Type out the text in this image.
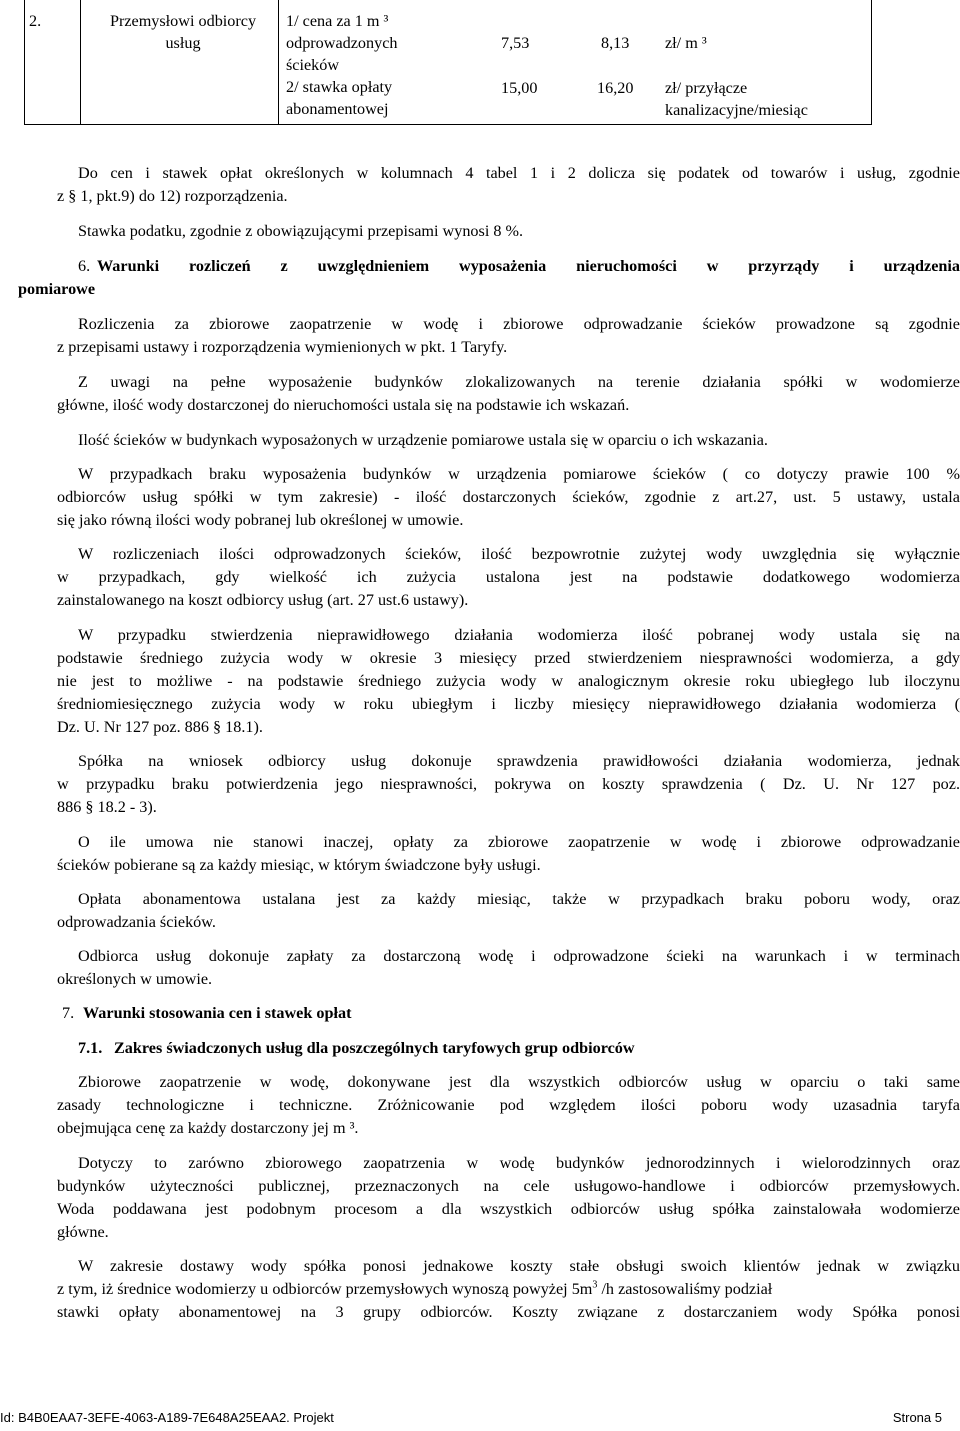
2.	Przemysłowi odbiorcy
usług
1/ cena za 1 m ³
odprowadzonych
ścieków
2/ stawka opłaty
abonamentowej
7,53
15,00
8,13
16,20
zł/ m ³
zł/ przyłącze
kanalizacyjne/miesiąc
Do cen i stawek opłat określonych w kolumnach 4 tabel 1 i 2 dolicza się podatek od towarów i usług, zgodnie
z § 1, pkt.9) do 12) rozporządzenia.
Stawka podatku, zgodnie z obowiązującymi przepisami wynosi 8 %.
6. Warunki rozliczeń z uwzględnieniem wyposażenia nieruchomości w przyrządy i urządzenia
pomiarowe
Rozliczenia za zbiorowe zaopatrzenie w wodę i zbiorowe odprowadzanie ścieków prowadzone są zgodnie
z przepisami ustawy i rozporządzenia wymienionych w pkt. 1 Taryfy.
Z uwagi na pełne wyposażenie budynków zlokalizowanych na terenie działania spółki w wodomierze
główne, ilość wody dostarczonej do nieruchomości ustala się na podstawie ich wskazań.
Ilość ścieków w budynkach wyposażonych w urządzenie pomiarowe ustala się w oparciu o ich wskazania.
W przypadkach braku wyposażenia budynków w urządzenia pomiarowe ścieków ( co dotyczy prawie 100 %
odbiorców usług spółki w tym zakresie) - ilość dostarczonych ścieków, zgodnie z art.27, ust. 5 ustawy, ustala
się jako równą ilości wody pobranej lub określonej w umowie.
W rozliczeniach ilości odprowadzonych ścieków, ilość bezpowrotnie zużytej wody uwzględnia się wyłącznie
w przypadkach, gdy wielkość ich zużycia ustalona jest na podstawie dodatkowego wodomierza
zainstalowanego na koszt odbiorcy usług (art. 27 ust.6 ustawy).
W przypadku stwierdzenia nieprawidłowego działania wodomierza ilość pobranej wody ustala się na
podstawie średniego zużycia wody w okresie 3 miesięcy przed stwierdzeniem niesprawności wodomierza, a gdy
nie jest to możliwe - na podstawie średniego zużycia wody w analogicznym okresie roku ubiegłego lub iloczynu
średniomiesięcznego zużycia wody w roku ubiegłym i liczby miesięcy nieprawidłowego działania wodomierza (
Dz. U. Nr 127 poz. 886 § 18.1).
Spółka na wniosek odbiorcy usług dokonuje sprawdzenia prawidłowości działania wodomierza, jednak
w przypadku braku potwierdzenia jego niesprawności, pokrywa on koszty sprawdzenia ( Dz. U. Nr 127 poz.
886 § 18.2 - 3).
O ile umowa nie stanowi inaczej, opłaty za zbiorowe zaopatrzenie w wodę i zbiorowe odprowadzanie
ścieków pobierane są za każdy miesiąc, w którym świadczone były usługi.
Opłata abonamentowa ustalana jest za każdy miesiąc, także w przypadkach braku poboru wody, oraz
odprowadzania ścieków.
Odbiorca usług dokonuje zapłaty za dostarczoną wodę i odprowadzone ścieki na warunkach i w terminach
określonych w umowie.
7. Warunki stosowania cen i stawek opłat
7.1. Zakres świadczonych usług dla poszczególnych taryfowych grup odbiorców
Zbiorowe zaopatrzenie w wodę, dokonywane jest dla wszystkich odbiorców usług w oparciu o taki same
zasady technologiczne i techniczne. Zróżnicowanie pod względem ilości poboru wody uzasadnia taryfa
obejmująca cenę za każdy dostarczony jej m ³.
Dotyczy to zarówno zbiorowego zaopatrzenia w wodę budynków jednorodzinnych i wielorodzinnych oraz
budynków użyteczności publicznej, przeznaczonych na cele usługowo-handlowe i odbiorców przemysłowych.
Woda poddawana jest podobnym procesom a dla wszystkich odbiorców usług spółka zainstalowała wodomierze
główne.
W zakresie dostawy wody spółka ponosi jednakowe koszty stałe obsługi swoich klientów jednak w związku
z tym, iż średnice wodomierzy u odbiorców przemysłowych wynoszą powyżej 5m $^3$ /h zastosowaliśmy podział
stawki opłaty abonamentowej na 3 grupy odbiorców. Koszty związane z dostarczaniem wody Spółka ponosi
Id: B4B0EAA7-3EFE-4063-A189-7E648A25EAA2. Projekt	Strona 5
